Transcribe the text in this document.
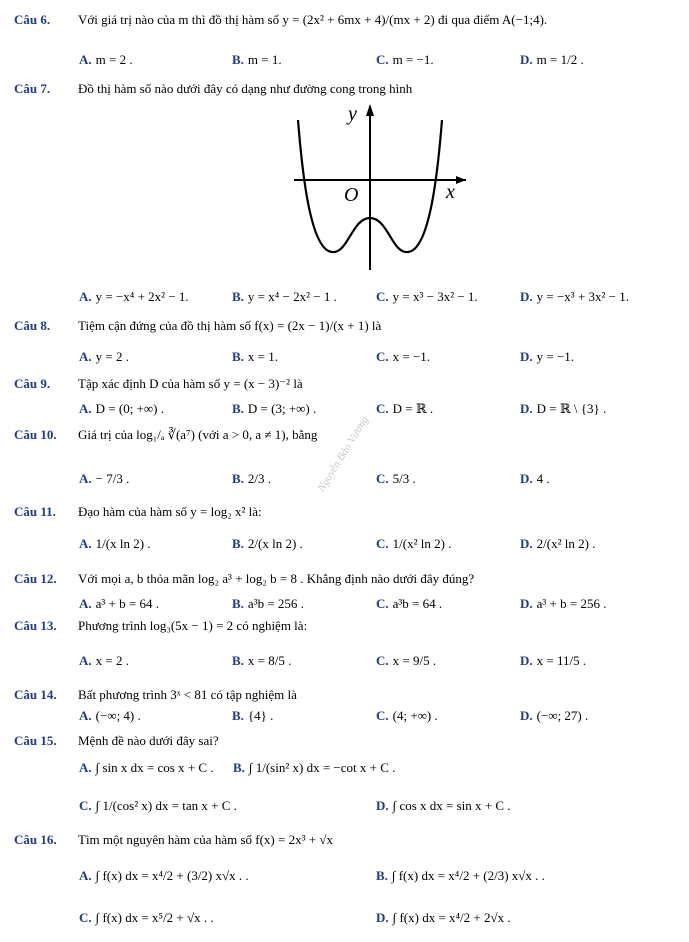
Nguyễn Bảo Vương
Câu 6. Với giá trị nào của m thì đồ thị hàm số y = (2x² + 6mx + 4)/(mx + 2) đi qua điểm A(−1;4).
A. m = 2 .	B. m = 1.	C. m = −1.	D. m = 1/2 .
Câu 7. Đồ thị hàm số nào dưới đây có dạng như đường cong trong hình
y
x
O
A. y = −x⁴ + 2x² − 1.	B. y = x⁴ − 2x² − 1 .	C. y = x³ − 3x² − 1.	D. y = −x³ + 3x² − 1.
Câu 8. Tiệm cận đứng của đồ thị hàm số f(x) = (2x − 1)/(x + 1) là
A. y = 2 .	B. x = 1.	C. x = −1.	D. y = −1.
Câu 9. Tập xác định D của hàm số y = (x − 3)⁻² là
A. D = (0; +∞) .	B. D = (3; +∞) .	C. D = ℝ .	D. D = ℝ \ {3} .
Câu 10. Giá trị của log₁/ₐ ∛(a⁷) (với a > 0, a ≠ 1), bằng
A. − 7/3 .	B. 2/3 .	C. 5/3 .	D. 4 .
Câu 11. Đạo hàm của hàm số y = log₂ x² là:
A. 1/(x ln 2) .	B. 2/(x ln 2) .	C. 1/(x² ln 2) .	D. 2/(x² ln 2) .
Câu 12. Với mọi a, b thỏa mãn log₂ a³ + log₂ b = 8 . Khẳng định nào dưới đây đúng?
A. a³ + b = 64 .	B. a³b = 256 .	C. a³b = 64 .	D. a³ + b = 256 .
Câu 13. Phương trình log₃(5x − 1) = 2 có nghiệm là:
A. x = 2 .	B. x = 8/5 .	C. x = 9/5 .	D. x = 11/5 .
Câu 14. Bất phương trình 3ˣ < 81 có tập nghiệm là
A. (−∞; 4) .	B. {4} .	C. (4; +∞) .	D. (−∞; 27) .
Câu 15. Mệnh đề nào dưới đây sai?
A. ∫ sin x dx = cos x + C . B. ∫ 1/(sin² x) dx = −cot x + C .
C. ∫ 1/(cos² x) dx = tan x + C .	D. ∫ cos x dx = sin x + C .
Câu 16. Tìm một nguyên hàm của hàm số f(x) = 2x³ + √x
A. ∫ f(x) dx = x⁴/2 + (3/2) x√x . .	B. ∫ f(x) dx = x⁴/2 + (2/3) x√x . .
C. ∫ f(x) dx = x⁵/2 + √x . .	D. ∫ f(x) dx = x⁴/2 + 2√x .
